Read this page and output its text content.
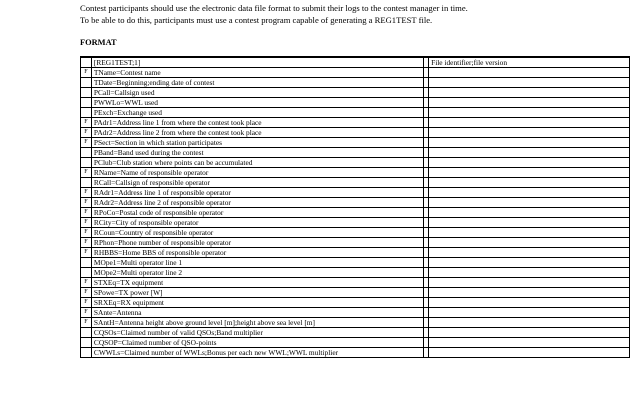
Contest participants should use the electronic data file format to submit their logs to the contest manager in time.

To be able to do this, participants must use a contest program capable of generating a REG1TEST file.

FORMAT
	[REG1TEST;1]		File identifier;file version
F	TName=Contest name		
	TDate=Beginning;ending date of contest		
	PCall=Callsign used		
	PWWLo=WWL used		
	PExch=Exchange used		
F	PAdr1=Address line 1 from where the contest took place		
F	PAdr2=Address line 2 from where the contest took place		
F	PSect=Section in which station participates		
	PBand=Band used during the contest		
	PClub=Club station where points can be accumulated		
F	RName=Name of responsible operator		
	RCall=Callsign of responsible operator		
F	RAdr1=Address line 1 of responsible operator		
F	RAdr2=Address line 2 of responsible operator		
F	RPoCo=Postal code of responsible operator		
F	RCity=City of responsible operator		
F	RCoun=Country of responsible operator		
F	RPhon=Phone number of responsible operator		
F	RHBBS=Home BBS of responsible operator		
	MOpe1=Multi operator line 1		
	MOpe2=Multi operator line 2		
F	STXEq=TX equipment		
F	SPowe=TX power [W]		
F	SRXEq=RX equipment		
F	SAnte=Antenna		
F	SAntH=Antenna height above ground level [m];height above sea level [m]		
	CQSOs=Claimed number of valid QSOs;Band multiplier		
	CQSOP=Claimed number of QSO-points		
	CWWLs=Claimed number of WWLs;Bonus per each new WWL;WWL multiplier		
